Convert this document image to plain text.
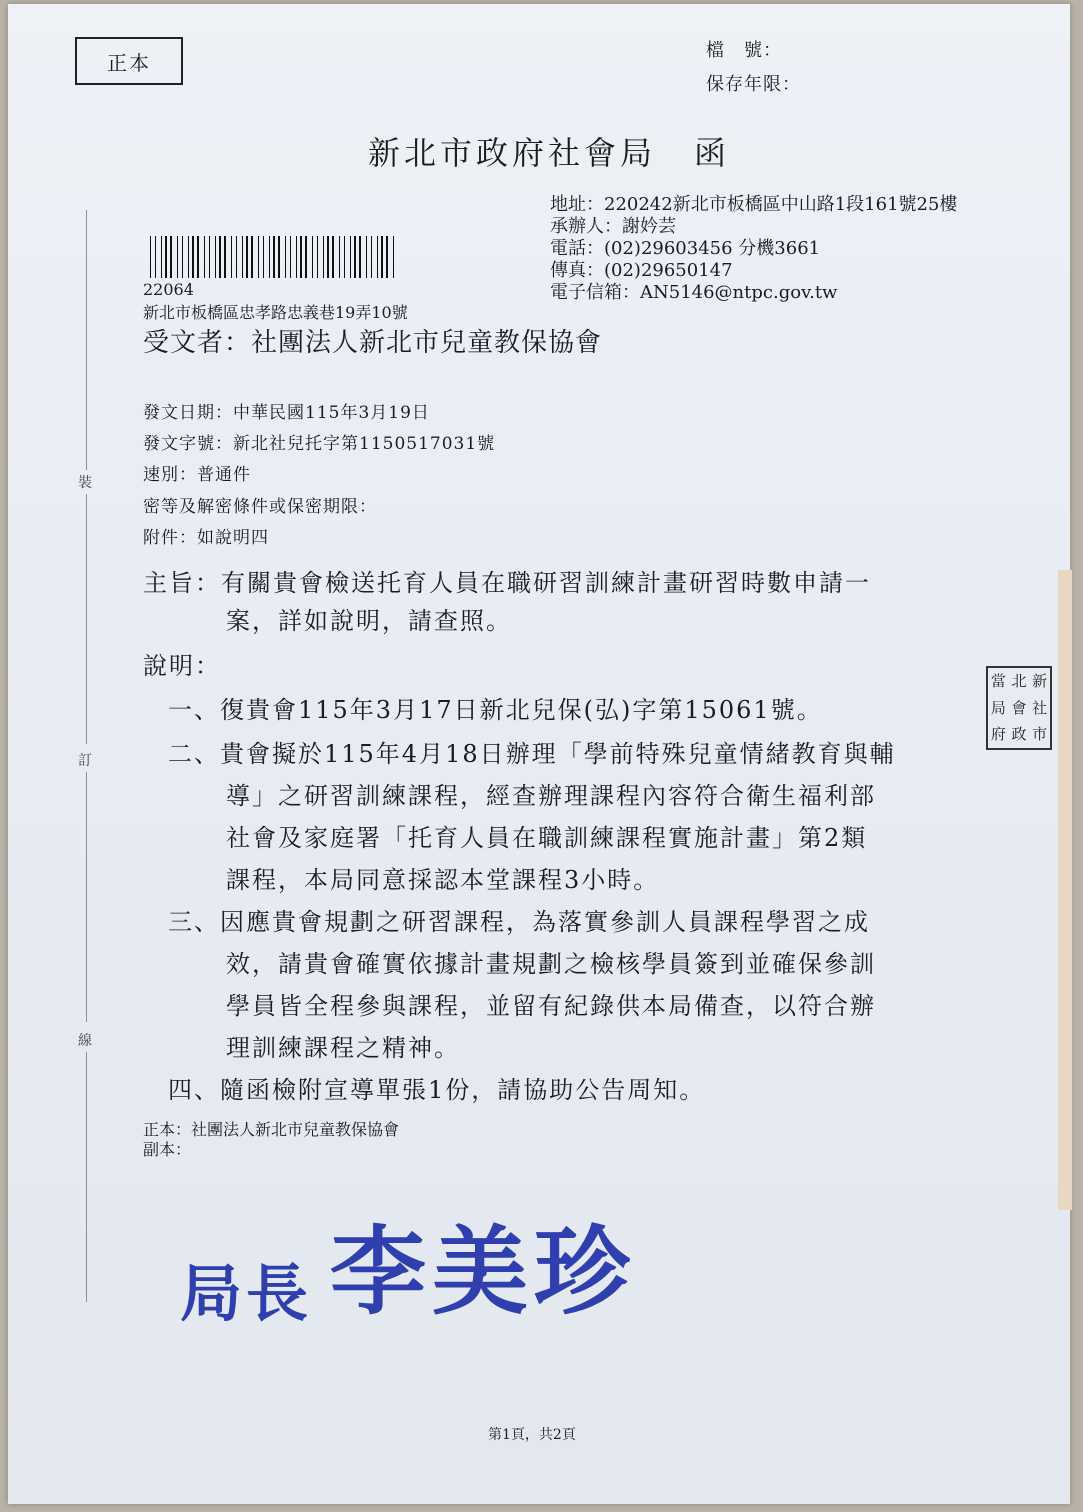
正本	檔　號：
保存年限：
新北市政府社會局 函
地址：220242新北市板橋區中山路1段161號25樓
承辦人：謝妗芸
電話：(02)29603456 分機3661
傳真：(02)29650147
電子信箱：AN5146@ntpc.gov.tw
22064
新北市板橋區忠孝路忠義巷19弄10號
受文者：社團法人新北市兒童教保協會
發文日期：中華民國115年3月19日
發文字號：新北社兒托字第1150517031號
速別：普通件
密等及解密條件或保密期限：
附件：如說明四
主旨：有關貴會檢送托育人員在職研習訓練計畫研習時數申請一
案，詳如說明，請查照。
說明：
一、復貴會115年3月17日新北兒保(弘)字第15061號。
二、貴會擬於115年4月18日辦理「學前特殊兒童情緒教育與輔
導」之研習訓練課程，經查辦理課程內容符合衛生福利部
社會及家庭署「托育人員在職訓練課程實施計畫」第2類
課程，本局同意採認本堂課程3小時。
三、因應貴會規劃之研習課程，為落實參訓人員課程學習之成
效，請貴會確實依據計畫規劃之檢核學員簽到並確保參訓
學員皆全程參與課程，並留有紀錄供本局備查，以符合辦
理訓練課程之精神。
四、隨函檢附宣導單張1份，請協助公告周知。
正本：社團法人新北市兒童教保協會
副本：
局長 李美珍
當 北 新
局 會 社
府 政 市
裝
訂
線
第1頁，共2頁
